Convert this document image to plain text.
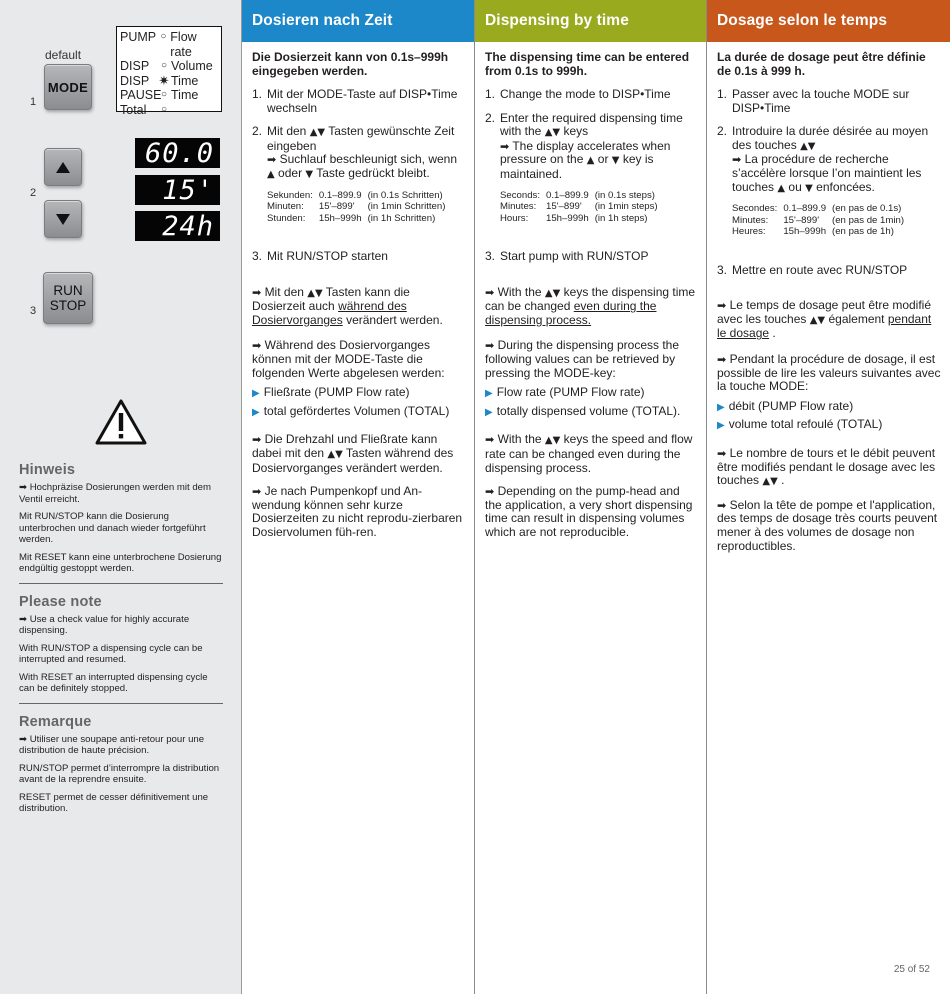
default
MODE
1
PUMP ○ Flow rate
DISP	○ Volume
DISP ✷ Time
PAUSE ○ Time
Total	○
2
60.0
15'
24h
RUN
STOP
3
Hinweis

➡ Hochpräzise Dosierungen werden mit dem Ventil erreicht.

Mit RUN/STOP kann die Dosierung unterbrochen und danach wieder fortgeführt werden.

Mit RESET kann eine unterbrochene Dosierung endgültig gestoppt werden.

Please note

➡ Use a check value for highly accurate dispensing.

With RUN/STOP a dispensing cycle can be interrupted and resumed.

With RESET an interrupted dispensing cycle can be definitely stopped.

Remarque

➡ Utiliser une soupape anti-retour pour une distribution de haute précision.

RUN/STOP permet d’interrompre la distribution avant de la reprendre ensuite.

RESET permet de cesser définitivement une distribution.

Dosieren nach Zeit

Die Dosierzeit kann von 0.1s–999h eingegeben werden.

1. Mit der MODE-Taste auf DISP•Time wechseln
2. Mit den ▲▼ Tasten gewünschte Zeit eingeben
➡ Suchlauf beschleunigt sich, wenn ▲ oder ▼ Taste gedrückt bleibt.
Sekunden:	0.1–899.9	(in 0.1s Schritten)
Minuten:	15'–899'	(in 1min Schritten)
Stunden:	15h–999h	(in 1h Schritten)
3. Mit RUN/STOP starten

➡ Mit den ▲▼ Tasten kann die Dosierzeit auch während des Dosiervorganges verändert werden.

➡ Während des Dosiervorganges können mit der MODE-Taste die folgenden Werte abgelesen werden:

▶ Fließrate (PUMP Flow rate)

▶ total gefördertes Volumen (TOTAL)

➡ Die Drehzahl und Fließrate kann dabei mit den ▲▼ Tasten während des Dosiervorganges verändert werden.

➡ Je nach Pumpenkopf und An-wendung können sehr kurze Dosierzeiten zu nicht reprodu-zierbaren Dosiervolumen füh-ren.

Dispensing by time

The dispensing time can be entered from 0.1s to 999h.

1. Change the mode to DISP•Time
2. Enter the required dispensing time with the ▲▼ keys
➡ The display accelerates when pressure on the ▲ or ▼ key is maintained.
Seconds:	0.1–899.9	(in 0.1s steps)
Minutes:	15'–899'	(in 1min steps)
Hours:	15h–999h	(in 1h steps)
3. Start pump with RUN/STOP

➡ With the ▲▼ keys the dispensing time can be changed even during the dispensing process.

➡ During the dispensing process the following values can be retrieved by pressing the MODE-key:

▶ Flow rate (PUMP Flow rate)

▶ totally dispensed volume (TOTAL).

➡ With the ▲▼ keys the speed and flow rate can be changed even during the dispensing process.

➡ Depending on the pump-head and the application, a very short dispensing time can result in dispensing volumes which are not reproducible.

Dosage selon le temps

La durée de dosage peut être définie de 0.1s à 999 h.

1. Passer avec la touche MODE sur DISP•Time
2. Introduire la durée désirée au moyen des touches ▲▼
➡ La procédure de recherche s’accélère lorsque l’on maintient les touches ▲ ou ▼ enfoncées.
Secondes:	0.1–899.9	(en pas de 0.1s)
Minutes:	15'–899'	(en pas de 1min)
Heures:	15h–999h	(en pas de 1h)
3. Mettre en route avec RUN/STOP

➡ Le temps de dosage peut être modifié avec les touches ▲▼ également pendant le dosage .

➡ Pendant la procédure de dosage, il est possible de lire les valeurs suivantes avec la touche MODE:

▶ débit (PUMP Flow rate)

▶ volume total refoulé (TOTAL)

➡ Le nombre de tours et le débit peuvent être modifiés pendant le dosage avec les touches ▲▼ .

➡ Selon la tête de pompe et l'application, des temps de dosage très courts peuvent mener à des volumes de dosage non reproductibles.

25 of 52
